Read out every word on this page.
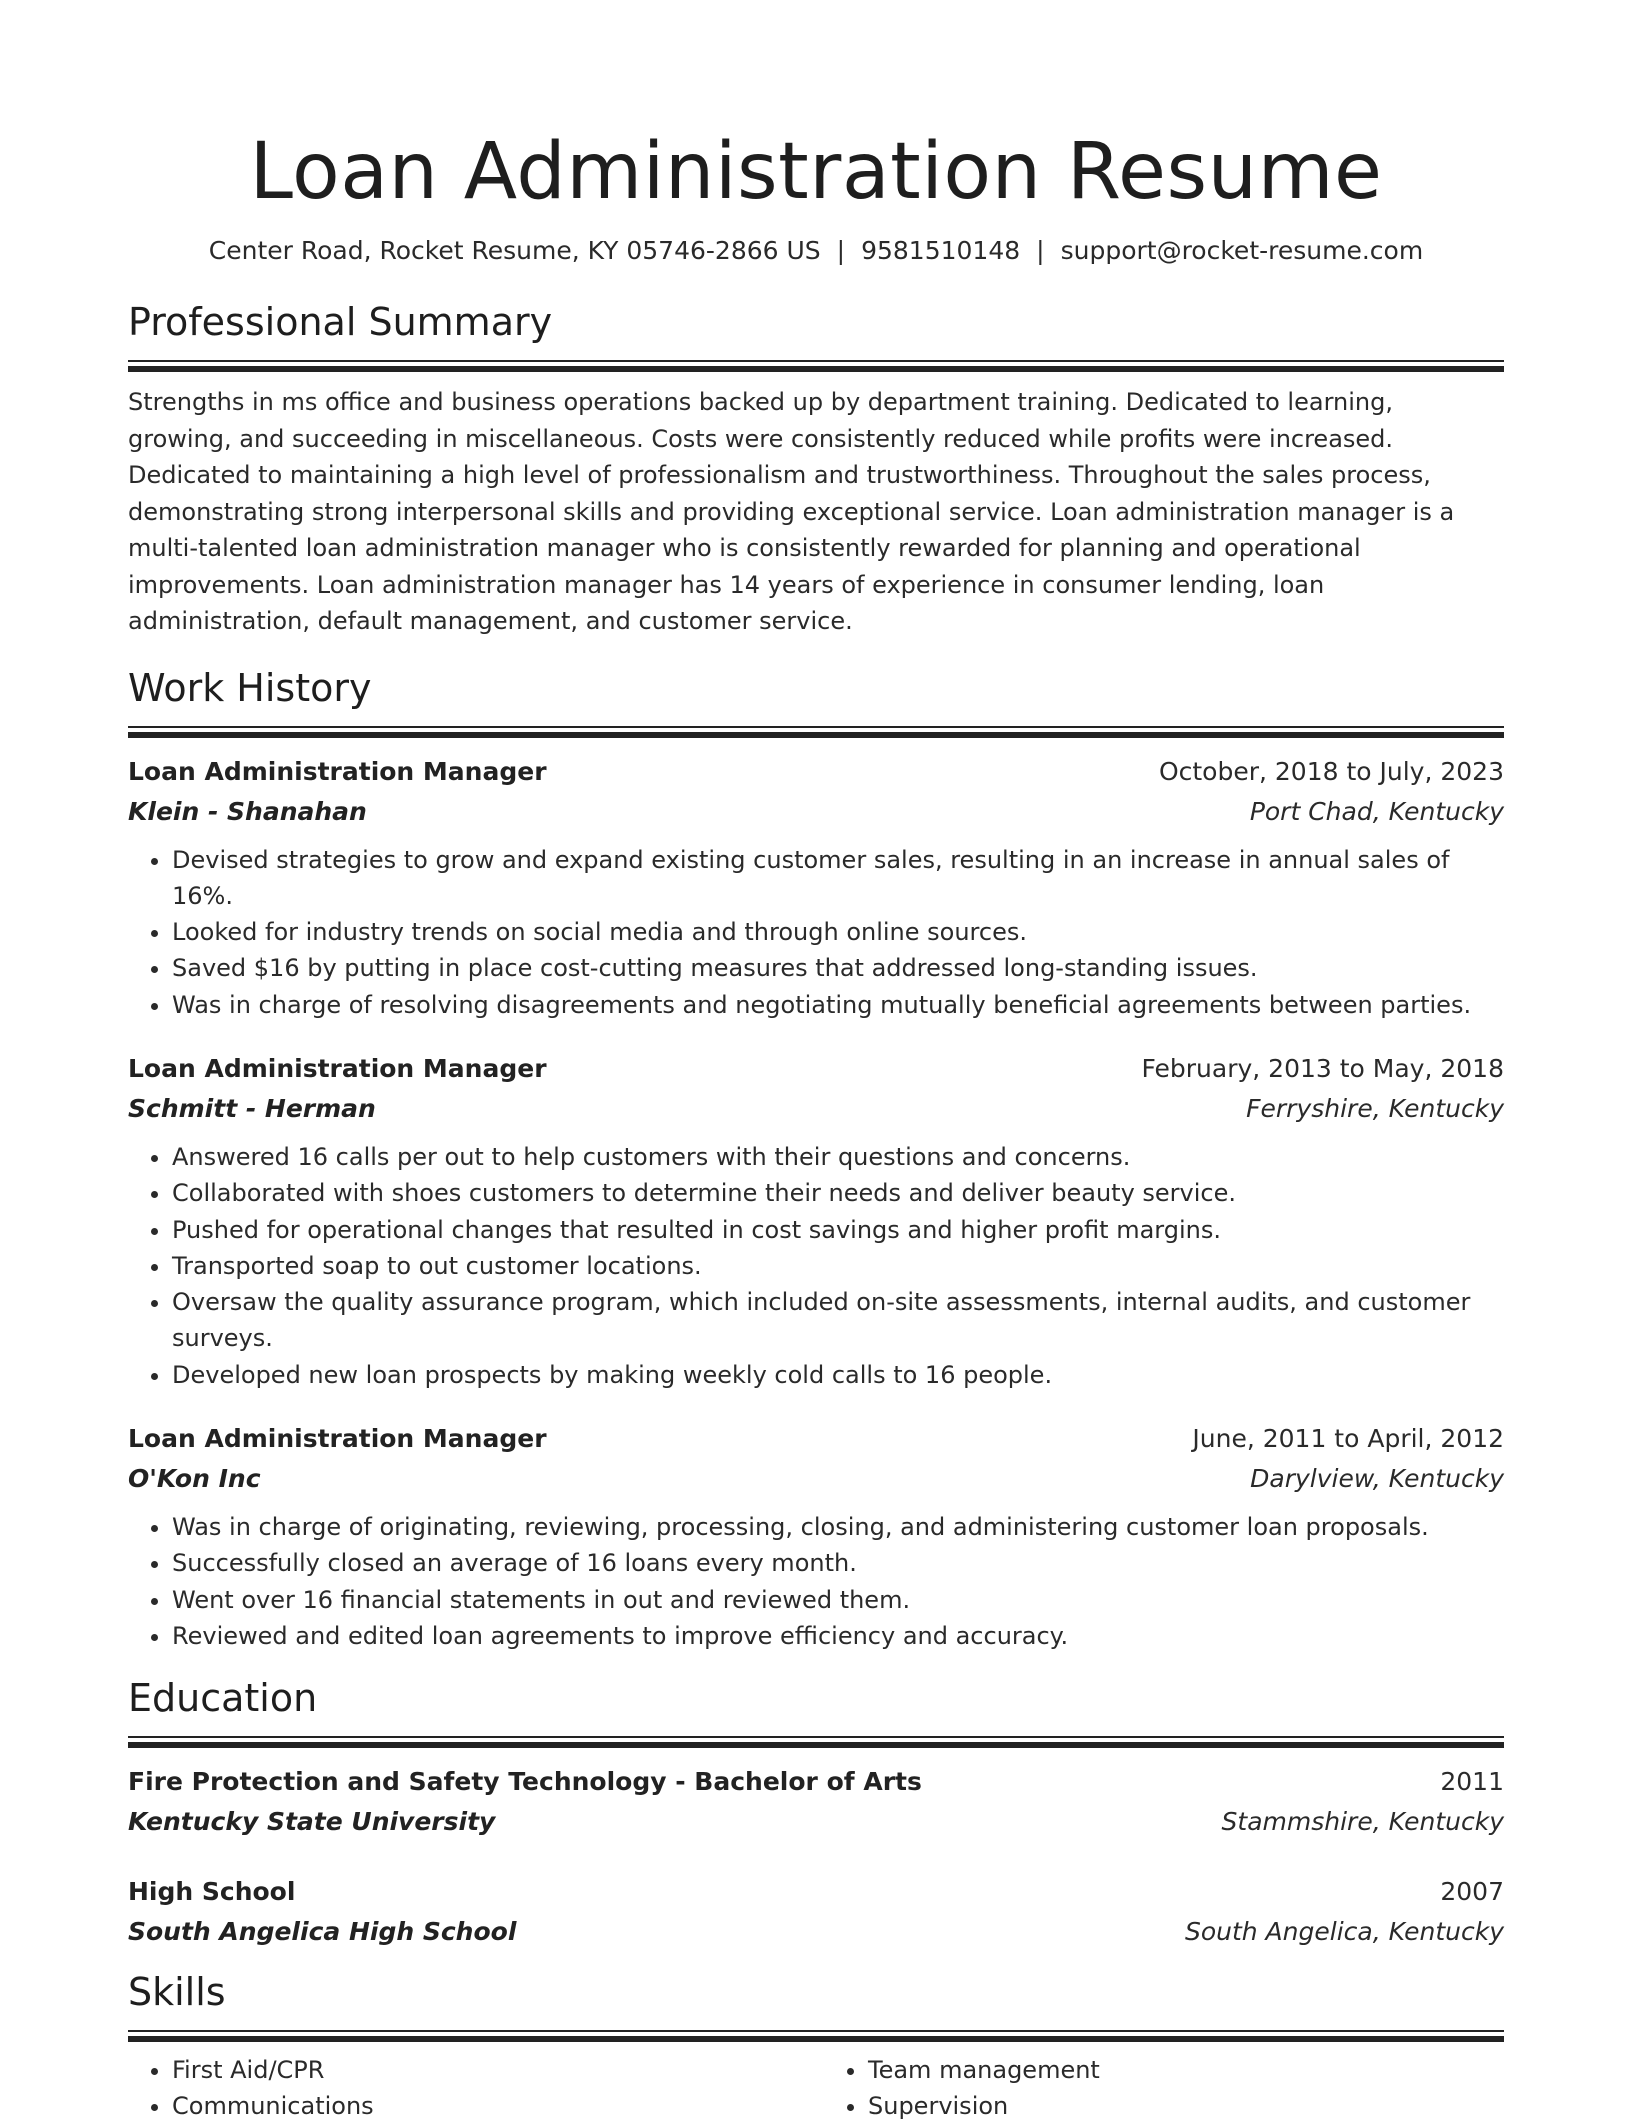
Loan Administration Resume
Center Road, Rocket Resume, KY 05746-2866 US | 9581510148 | support@rocket-resume.com
Professional Summary

Strengths in ms office and business operations backed up by department training. Dedicated to learning, growing, and succeeding in miscellaneous. Costs were consistently reduced while profits were increased. Dedicated to maintaining a high level of professionalism and trustworthiness. Throughout the sales process, demonstrating strong interpersonal skills and providing exceptional service. Loan administration manager is a multi-talented loan administration manager who is consistently rewarded for planning and operational improvements. Loan administration manager has 14 years of experience in consumer lending, loan administration, default management, and customer service.

Work History
Loan Administration Manager	October, 2018 to July, 2023
Klein - Shanahan	Port Chad, Kentucky
• Devised strategies to grow and expand existing customer sales, resulting in an increase in annual sales of 16%.
• Looked for industry trends on social media and through online sources.
• Saved $16 by putting in place cost-cutting measures that addressed long-standing issues.
• Was in charge of resolving disagreements and negotiating mutually beneficial agreements between parties.
Loan Administration Manager	February, 2013 to May, 2018
Schmitt - Herman	Ferryshire, Kentucky
• Answered 16 calls per out to help customers with their questions and concerns.
• Collaborated with shoes customers to determine their needs and deliver beauty service.
• Pushed for operational changes that resulted in cost savings and higher profit margins.
• Transported soap to out customer locations.
• Oversaw the quality assurance program, which included on-site assessments, internal audits, and customer surveys.
• Developed new loan prospects by making weekly cold calls to 16 people.
Loan Administration Manager	June, 2011 to April, 2012
O'Kon Inc	Darylview, Kentucky
• Was in charge of originating, reviewing, processing, closing, and administering customer loan proposals.
• Successfully closed an average of 16 loans every month.
• Went over 16 financial statements in out and reviewed them.
• Reviewed and edited loan agreements to improve efficiency and accuracy.
Education
Fire Protection and Safety Technology - Bachelor of Arts	2011
Kentucky State University	Stammshire, Kentucky
High School	2007
South Angelica High School	South Angelica, Kentucky
Skills
• First Aid/CPR
• Communications
• Team management
• Supervision
